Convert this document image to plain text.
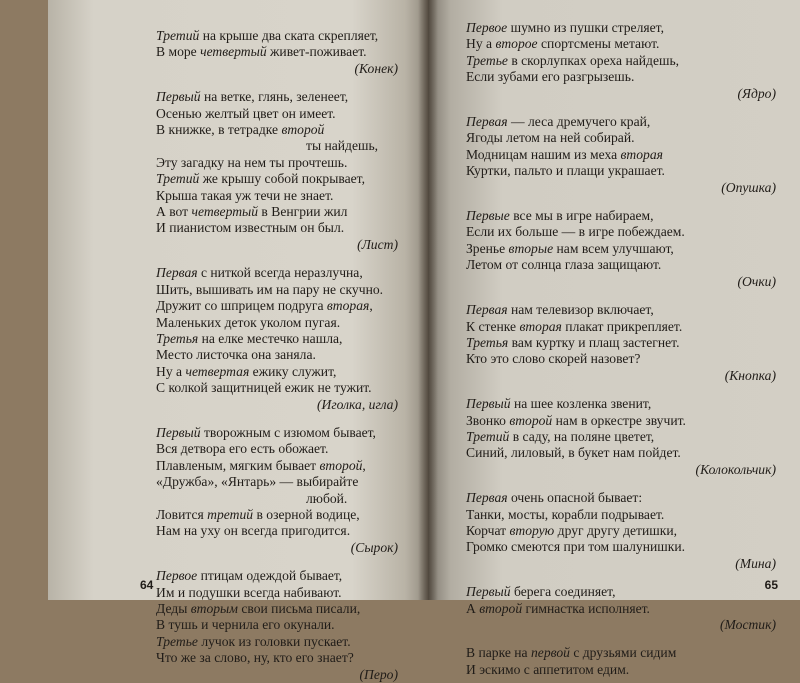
Третий на крыше два ската скрепляет,
В море четвертый живет-поживает.
(Конек)
Первый на ветке, глянь, зеленеет,
Осенью желтый цвет он имеет.
В книжке, в тетрадке второй
ты найдешь,
Эту загадку на нем ты прочтешь.
Третий же крышу собой покрывает,
Крыша такая уж течи не знает.
А вот четвертый в Венгрии жил
И пианистом известным он был.
(Лист)
Первая с ниткой всегда неразлучна,
Шить, вышивать им на пару не скучно.
Дружит со шприцем подруга вторая,
Маленьких деток уколом пугая.
Третья на елке местечко нашла,
Место листочка она заняла.
Ну а четвертая ежику служит,
С колкой защитницей ежик не тужит.
(Иголка, игла)
Первый творожным с изюмом бывает,
Вся детвора его есть обожает.
Плавленым, мягким бывает второй,
«Дружба», «Янтарь» — выбирайте
любой.
Ловится третий в озерной водице,
Нам на уху он всегда пригодится.
(Сырок)
Первое птицам одеждой бывает,
Им и подушки всегда набивают.
Деды вторым свои письма писали,
В тушь и чернила его окунали.
Третье лучок из головки пускает.
Что же за слово, ну, кто его знает?
(Перо)
64
Первое шумно из пушки стреляет,
Ну а второе спортсмены метают.
Третье в скорлупках ореха найдешь,
Если зубами его разгрызешь.
(Ядро)
Первая — леса дремучего край,
Ягоды летом на ней собирай.
Модницам нашим из меха вторая
Куртки, пальто и плащи украшает.
(Опушка)
Первые все мы в игре набираем,
Если их больше — в игре побеждаем.
Зренье вторые нам всем улучшают,
Летом от солнца глаза защищают.
(Очки)
Первая нам телевизор включает,
К стенке вторая плакат прикрепляет.
Третья вам куртку и плащ застегнет.
Кто это слово скорей назовет?
(Кнопка)
Первый на шее козленка звенит,
Звонко второй нам в оркестре звучит.
Третий в саду, на поляне цветет,
Синий, лиловый, в букет нам пойдет.
(Колокольчик)
Первая очень опасной бывает:
Танки, мосты, корабли подрывает.
Корчат вторую друг другу детишки,
Громко смеются при том шалунишки.
(Мина)
Первый берега соединяет,
А второй гимнастка исполняет.
(Мостик)
В парке на первой с друзьями сидим
И эскимо с аппетитом едим.
65
